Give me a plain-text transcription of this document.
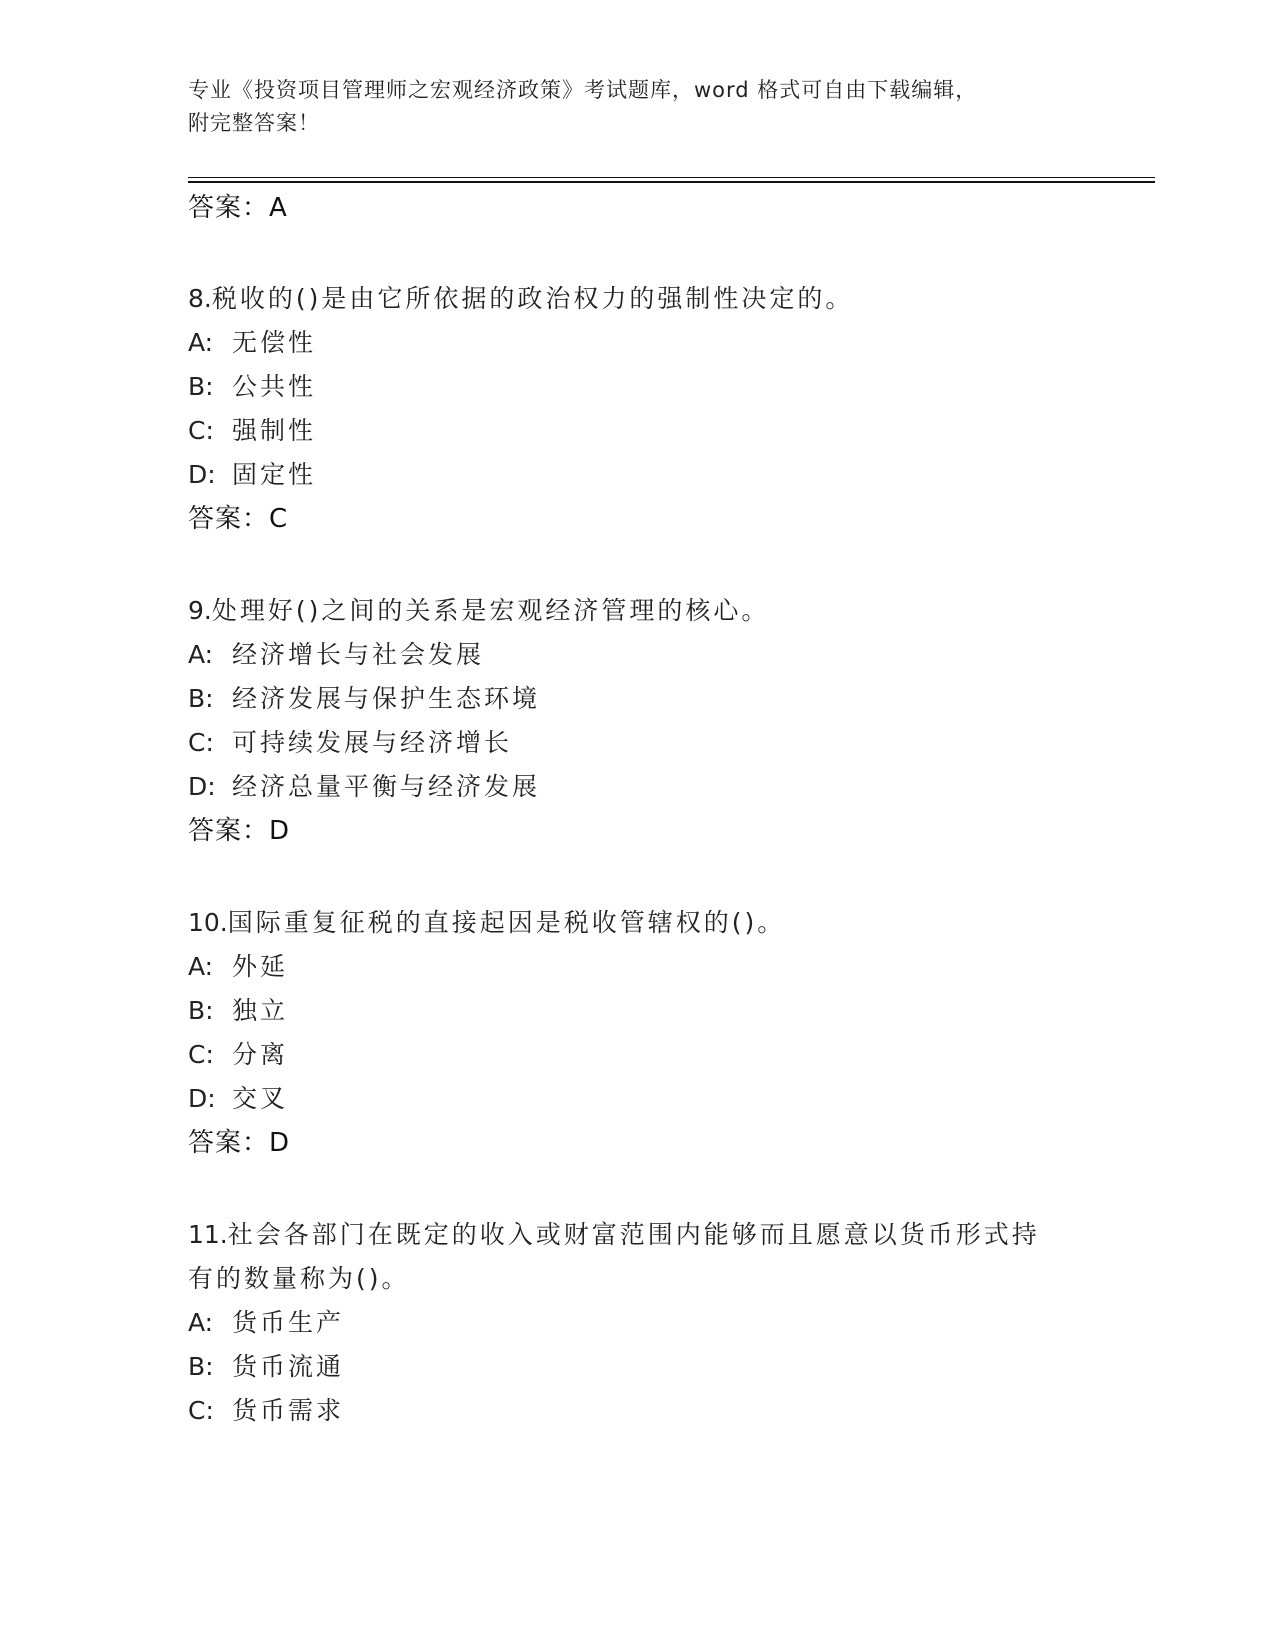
专业《投资项目管理师之宏观经济政策》考试题库，word 格式可自由下载编辑，
附完整答案！
答案：A
8.税收的()是由它所依据的政治权力的强制性决定的。
A: 无偿性
B: 公共性
C: 强制性
D: 固定性
答案：C
9.处理好()之间的关系是宏观经济管理的核心。
A: 经济增长与社会发展
B: 经济发展与保护生态环境
C: 可持续发展与经济增长
D: 经济总量平衡与经济发展
答案：D
10.国际重复征税的直接起因是税收管辖权的()。
A: 外延
B: 独立
C: 分离
D: 交叉
答案：D
11.社会各部门在既定的收入或财富范围内能够而且愿意以货币形式持
有的数量称为()。
A: 货币生产
B: 货币流通
C: 货币需求
